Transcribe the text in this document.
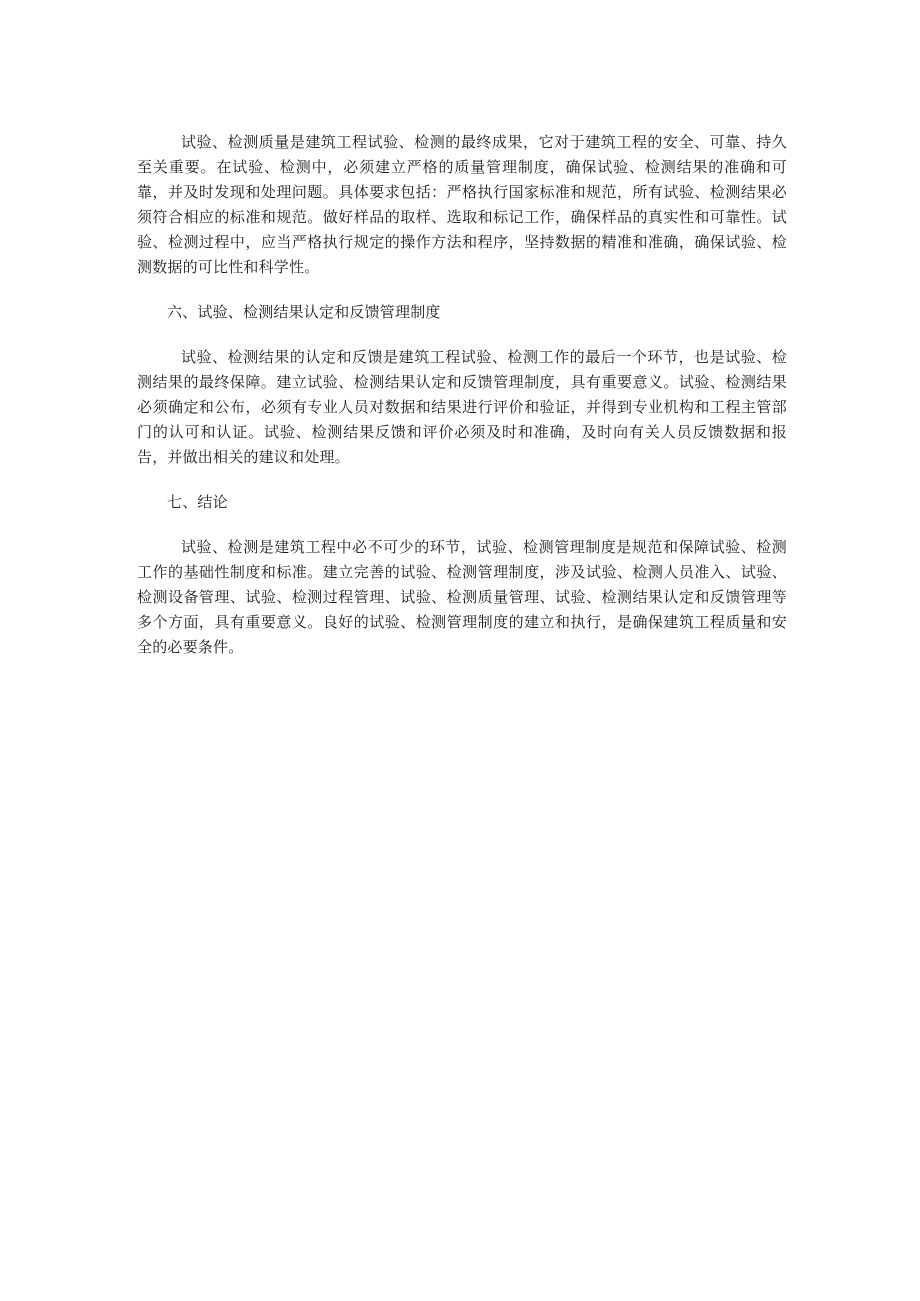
试验、检测质量是建筑工程试验、检测的最终成果，它对于建筑工程的安全、可靠、持久至关重要。在试验、检测中，必须建立严格的质量管理制度，确保试验、检测结果的准确和可靠，并及时发现和处理问题。具体要求包括：严格执行国家标准和规范，所有试验、检测结果必须符合相应的标准和规范。做好样品的取样、选取和标记工作，确保样品的真实性和可靠性。试验、检测过程中，应当严格执行规定的操作方法和程序，坚持数据的精准和准确，确保试验、检测数据的可比性和科学性。

六、试验、检测结果认定和反馈管理制度

试验、检测结果的认定和反馈是建筑工程试验、检测工作的最后一个环节，也是试验、检测结果的最终保障。建立试验、检测结果认定和反馈管理制度，具有重要意义。试验、检测结果必须确定和公布，必须有专业人员对数据和结果进行评价和验证，并得到专业机构和工程主管部门的认可和认证。试验、检测结果反馈和评价必须及时和准确，及时向有关人员反馈数据和报告，并做出相关的建议和处理。

七、结论

试验、检测是建筑工程中必不可少的环节，试验、检测管理制度是规范和保障试验、检测工作的基础性制度和标准。建立完善的试验、检测管理制度，涉及试验、检测人员准入、试验、检测设备管理、试验、检测过程管理、试验、检测质量管理、试验、检测结果认定和反馈管理等多个方面，具有重要意义。良好的试验、检测管理制度的建立和执行，是确保建筑工程质量和安全的必要条件。
